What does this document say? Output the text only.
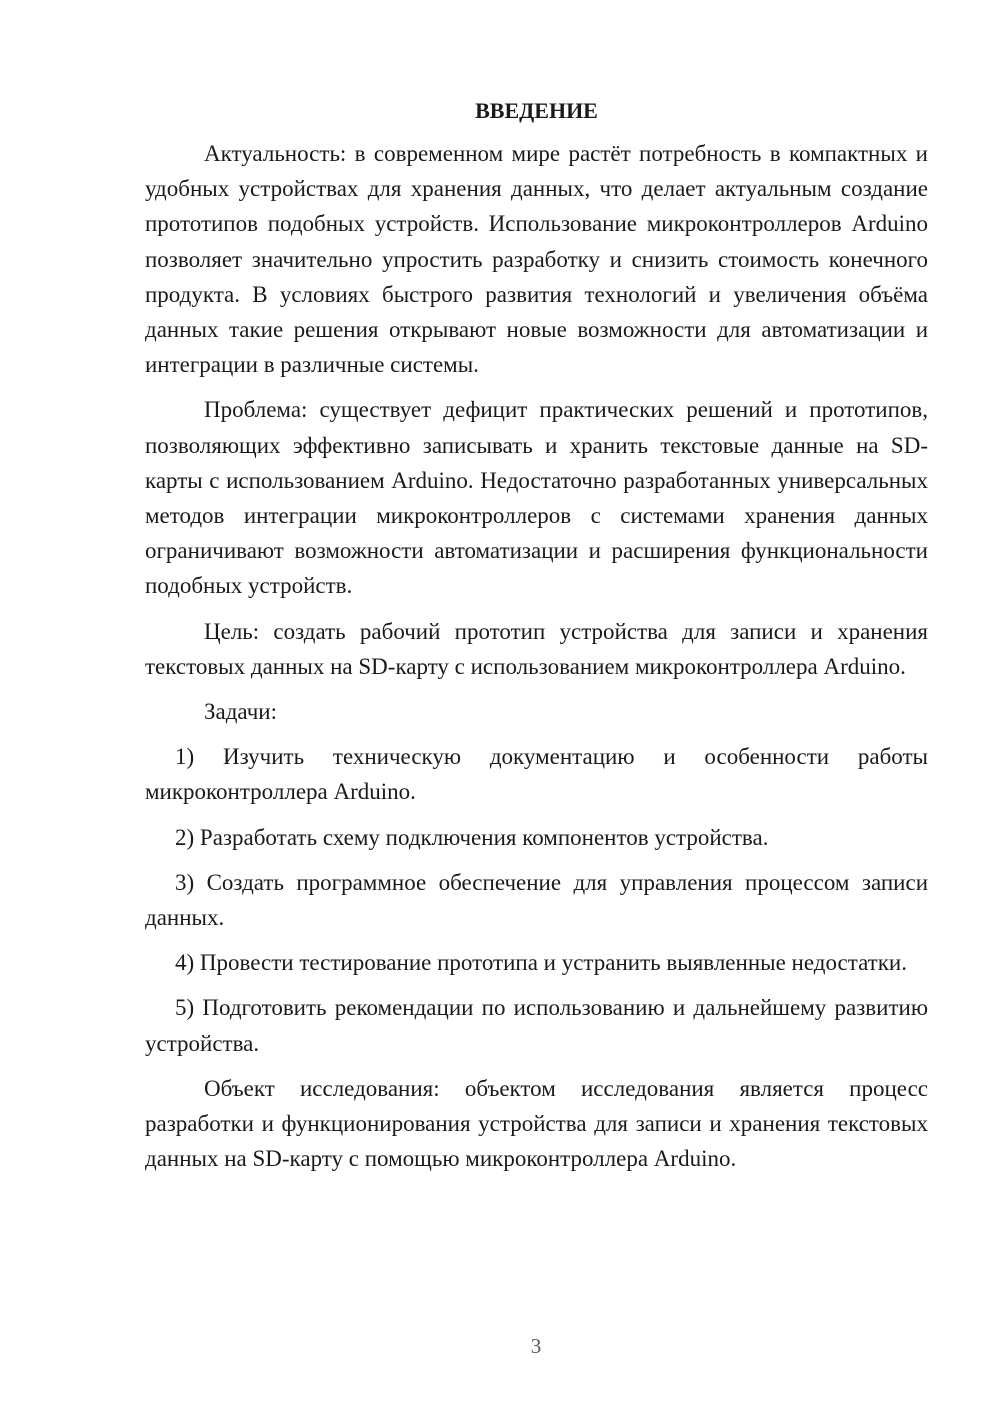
ВВЕДЕНИЕ

Актуальность: в современном мире растёт потребность в компактных и удобных устройствах для хранения данных, что делает актуальным создание прототипов подобных устройств. Использование микроконтроллеров Arduino позволяет значительно упростить разработку и снизить стоимость конечного продукта. В условиях быстрого развития технологий и увеличения объёма данных такие решения открывают новые возможности для автоматизации и интеграции в различные системы.

Проблема: существует дефицит практических решений и прототипов, позволяющих эффективно записывать и хранить текстовые данные на SD-карты с использованием Arduino. Недостаточно разработанных универсальных методов интеграции микроконтроллеров с системами хранения данных ограничивают возможности автоматизации и расширения функциональности подобных устройств.

Цель: создать рабочий прототип устройства для записи и хранения текстовых данных на SD-карту с использованием микроконтроллера Arduino.

Задачи:

1) Изучить техническую документацию и особенности работы микроконтроллера Arduino.

2) Разработать схему подключения компонентов устройства.

3) Создать программное обеспечение для управления процессом записи данных.

4) Провести тестирование прототипа и устранить выявленные недостатки.

5) Подготовить рекомендации по использованию и дальнейшему развитию устройства.

Объект исследования: объектом исследования является процесс разработки и функционирования устройства для записи и хранения текстовых данных на SD-карту с помощью микроконтроллера Arduino.

3
